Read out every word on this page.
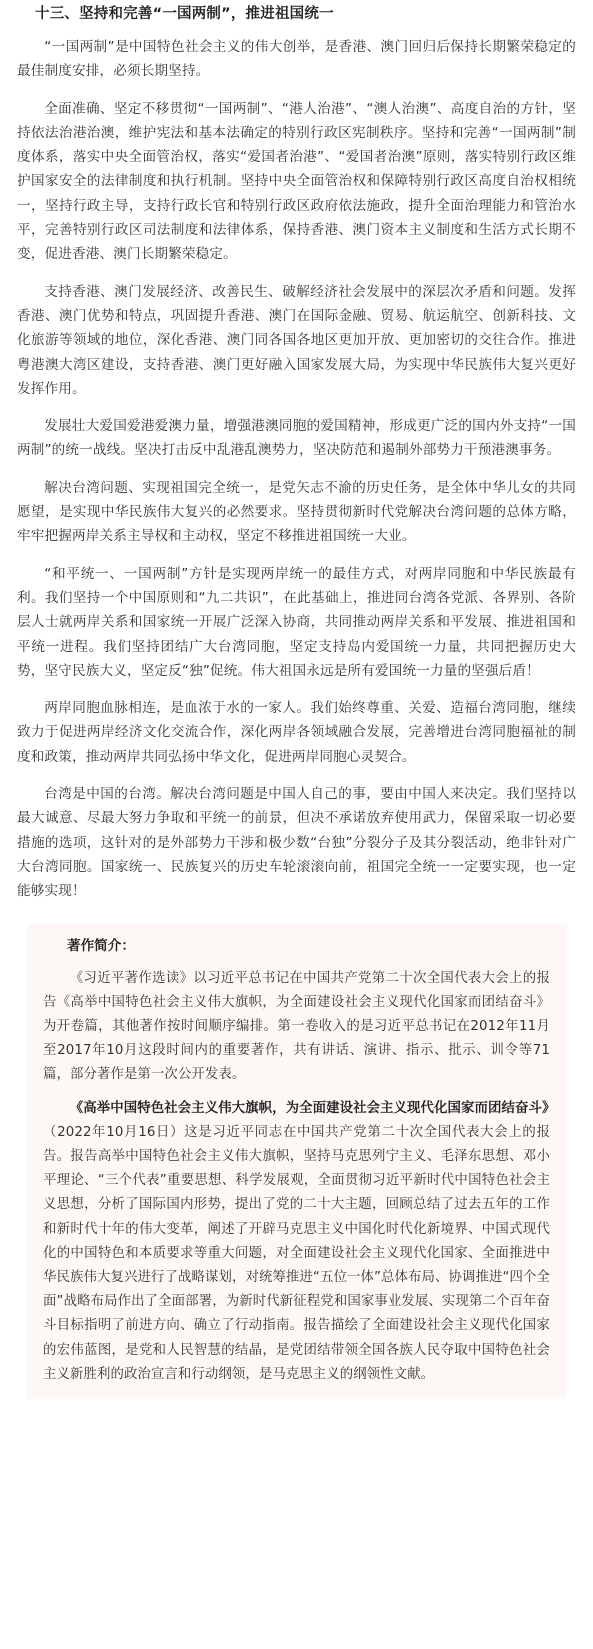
十三、坚持和完善“一国两制”，推进祖国统一

“一国两制”是中国特色社会主义的伟大创举，是香港、澳门回归后保持长期繁荣稳定的最佳制度安排，必须长期坚持。

全面准确、坚定不移贯彻“一国两制”、“港人治港”、“澳人治澳”、高度自治的方针，坚持依法治港治澳，维护宪法和基本法确定的特别行政区宪制秩序。坚持和完善“一国两制”制度体系，落实中央全面管治权，落实“爱国者治港”、“爱国者治澳”原则，落实特别行政区维护国家安全的法律制度和执行机制。坚持中央全面管治权和保障特别行政区高度自治权相统一，坚持行政主导，支持行政长官和特别行政区政府依法施政，提升全面治理能力和管治水平，完善特别行政区司法制度和法律体系，保持香港、澳门资本主义制度和生活方式长期不变，促进香港、澳门长期繁荣稳定。

支持香港、澳门发展经济、改善民生、破解经济社会发展中的深层次矛盾和问题。发挥香港、澳门优势和特点，巩固提升香港、澳门在国际金融、贸易、航运航空、创新科技、文化旅游等领域的地位，深化香港、澳门同各国各地区更加开放、更加密切的交往合作。推进粤港澳大湾区建设，支持香港、澳门更好融入国家发展大局，为实现中华民族伟大复兴更好发挥作用。

发展壮大爱国爱港爱澳力量，增强港澳同胞的爱国精神，形成更广泛的国内外支持“一国两制”的统一战线。坚决打击反中乱港乱澳势力，坚决防范和遏制外部势力干预港澳事务。

解决台湾问题、实现祖国完全统一，是党矢志不渝的历史任务，是全体中华儿女的共同愿望，是实现中华民族伟大复兴的必然要求。坚持贯彻新时代党解决台湾问题的总体方略，牢牢把握两岸关系主导权和主动权，坚定不移推进祖国统一大业。

“和平统一、一国两制”方针是实现两岸统一的最佳方式，对两岸同胞和中华民族最有利。我们坚持一个中国原则和“九二共识”，在此基础上，推进同台湾各党派、各界别、各阶层人士就两岸关系和国家统一开展广泛深入协商，共同推动两岸关系和平发展、推进祖国和平统一进程。我们坚持团结广大台湾同胞，坚定支持岛内爱国统一力量，共同把握历史大势，坚守民族大义，坚定反“独”促统。伟大祖国永远是所有爱国统一力量的坚强后盾！

两岸同胞血脉相连，是血浓于水的一家人。我们始终尊重、关爱、造福台湾同胞，继续致力于促进两岸经济文化交流合作，深化两岸各领域融合发展，完善增进台湾同胞福祉的制度和政策，推动两岸共同弘扬中华文化，促进两岸同胞心灵契合。

台湾是中国的台湾。解决台湾问题是中国人自己的事，要由中国人来决定。我们坚持以最大诚意、尽最大努力争取和平统一的前景，但决不承诺放弃使用武力，保留采取一切必要措施的选项，这针对的是外部势力干涉和极少数“台独”分裂分子及其分裂活动，绝非针对广大台湾同胞。国家统一、民族复兴的历史车轮滚滚向前，祖国完全统一一定要实现，也一定能够实现！

著作简介：

《习近平著作选读》以习近平总书记在中国共产党第二十次全国代表大会上的报告《高举中国特色社会主义伟大旗帜，为全面建设社会主义现代化国家而团结奋斗》为开卷篇，其他著作按时间顺序编排。第一卷收入的是习近平总书记在2012年11月至2017年10月这段时间内的重要著作，共有讲话、演讲、指示、批示、训令等71篇，部分著作是第一次公开发表。

《高举中国特色社会主义伟大旗帜，为全面建设社会主义现代化国家而团结奋斗》（2022年10月16日）这是习近平同志在中国共产党第二十次全国代表大会上的报告。报告高举中国特色社会主义伟大旗帜，坚持马克思列宁主义、毛泽东思想、邓小平理论、“三个代表”重要思想、科学发展观，全面贯彻习近平新时代中国特色社会主义思想，分析了国际国内形势，提出了党的二十大主题，回顾总结了过去五年的工作和新时代十年的伟大变革，阐述了开辟马克思主义中国化时代化新境界、中国式现代化的中国特色和本质要求等重大问题，对全面建设社会主义现代化国家、全面推进中华民族伟大复兴进行了战略谋划，对统筹推进“五位一体”总体布局、协调推进“四个全面”战略布局作出了全面部署，为新时代新征程党和国家事业发展、实现第二个百年奋斗目标指明了前进方向、确立了行动指南。报告描绘了全面建设社会主义现代化国家的宏伟蓝图，是党和人民智慧的结晶，是党团结带领全国各族人民夺取中国特色社会主义新胜利的政治宣言和行动纲领，是马克思主义的纲领性文献。
